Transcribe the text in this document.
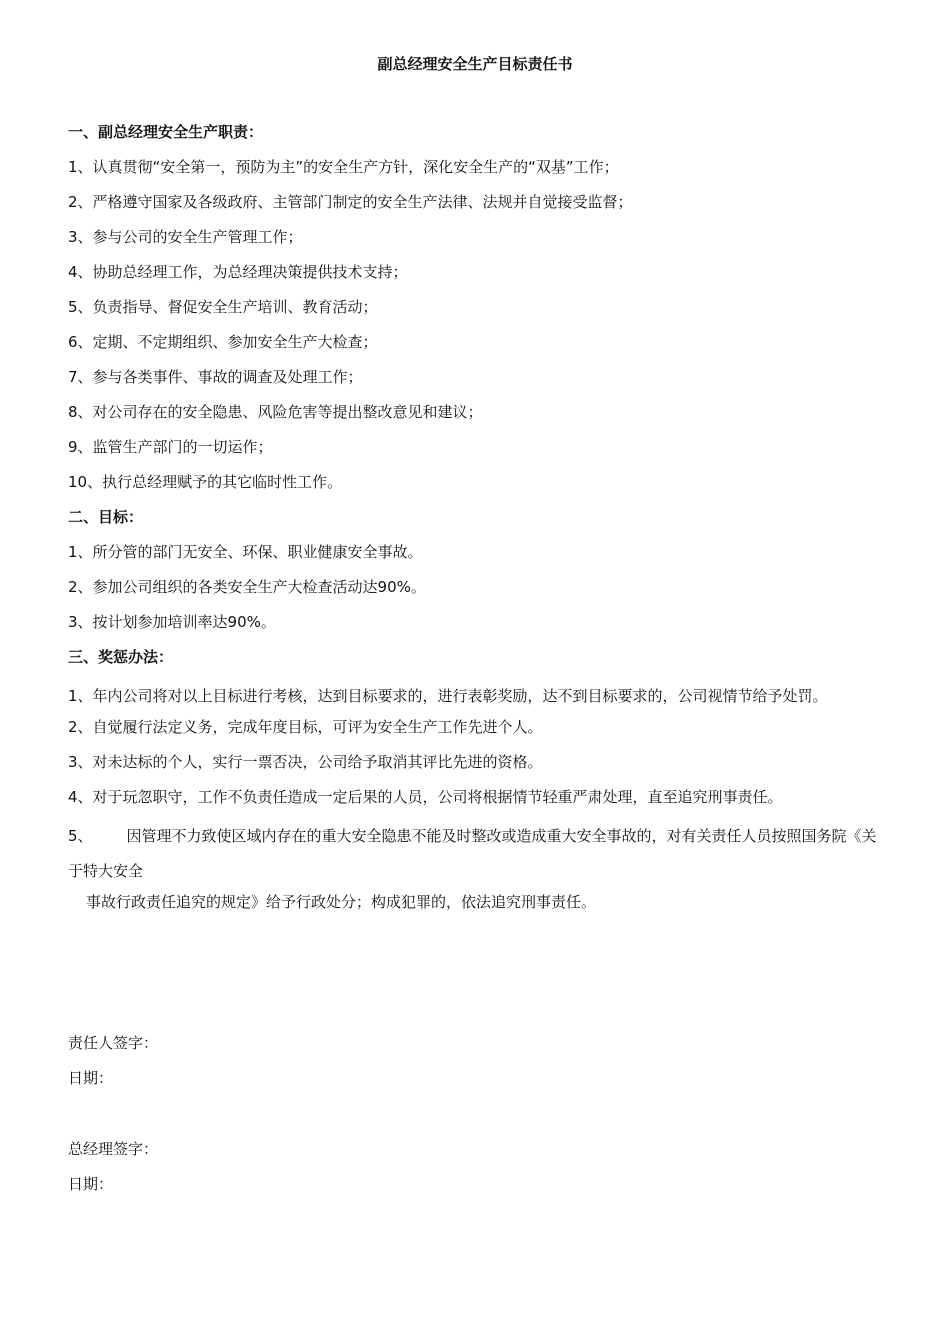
副总经理安全生产目标责任书
一、副总经理安全生产职责：
1、认真贯彻“安全第一，预防为主”的安全生产方针，深化安全生产的“双基”工作；
2、严格遵守国家及各级政府、主管部门制定的安全生产法律、法规并自觉接受监督；
3、参与公司的安全生产管理工作；
4、协助总经理工作，为总经理决策提供技术支持；
5、负责指导、督促安全生产培训、教育活动；
6、定期、不定期组织、参加安全生产大检查；
7、参与各类事件、事故的调查及处理工作；
8、对公司存在的安全隐患、风险危害等提出整改意见和建议；
9、监管生产部门的一切运作；
10、执行总经理赋予的其它临时性工作。
二、目标：
1、所分管的部门无安全、环保、职业健康安全事故。
2、参加公司组织的各类安全生产大检查活动达90%。
3、按计划参加培训率达90%。
三、奖惩办法：
1、年内公司将对以上目标进行考核，达到目标要求的，进行表彰奖励，达不到目标要求的，公司视情节给予处罚。
2、自觉履行法定义务，完成年度目标，可评为安全生产工作先进个人。
3、对未达标的个人，实行一票否决，公司给予取消其评比先进的资格。
4、对于玩忽职守，工作不负责任造成一定后果的人员，公司将根据情节轻重严肃处理，直至追究刑事责任。
5、 因管理不力致使区域内存在的重大安全隐患不能及时整改或造成重大安全事故的，对有关责任人员按照国务院《关于特大安全
事故行政责任追究的规定》给予行政处分；构成犯罪的，依法追究刑事责任。
责任人签字：
日期：
总经理签字：
日期：
